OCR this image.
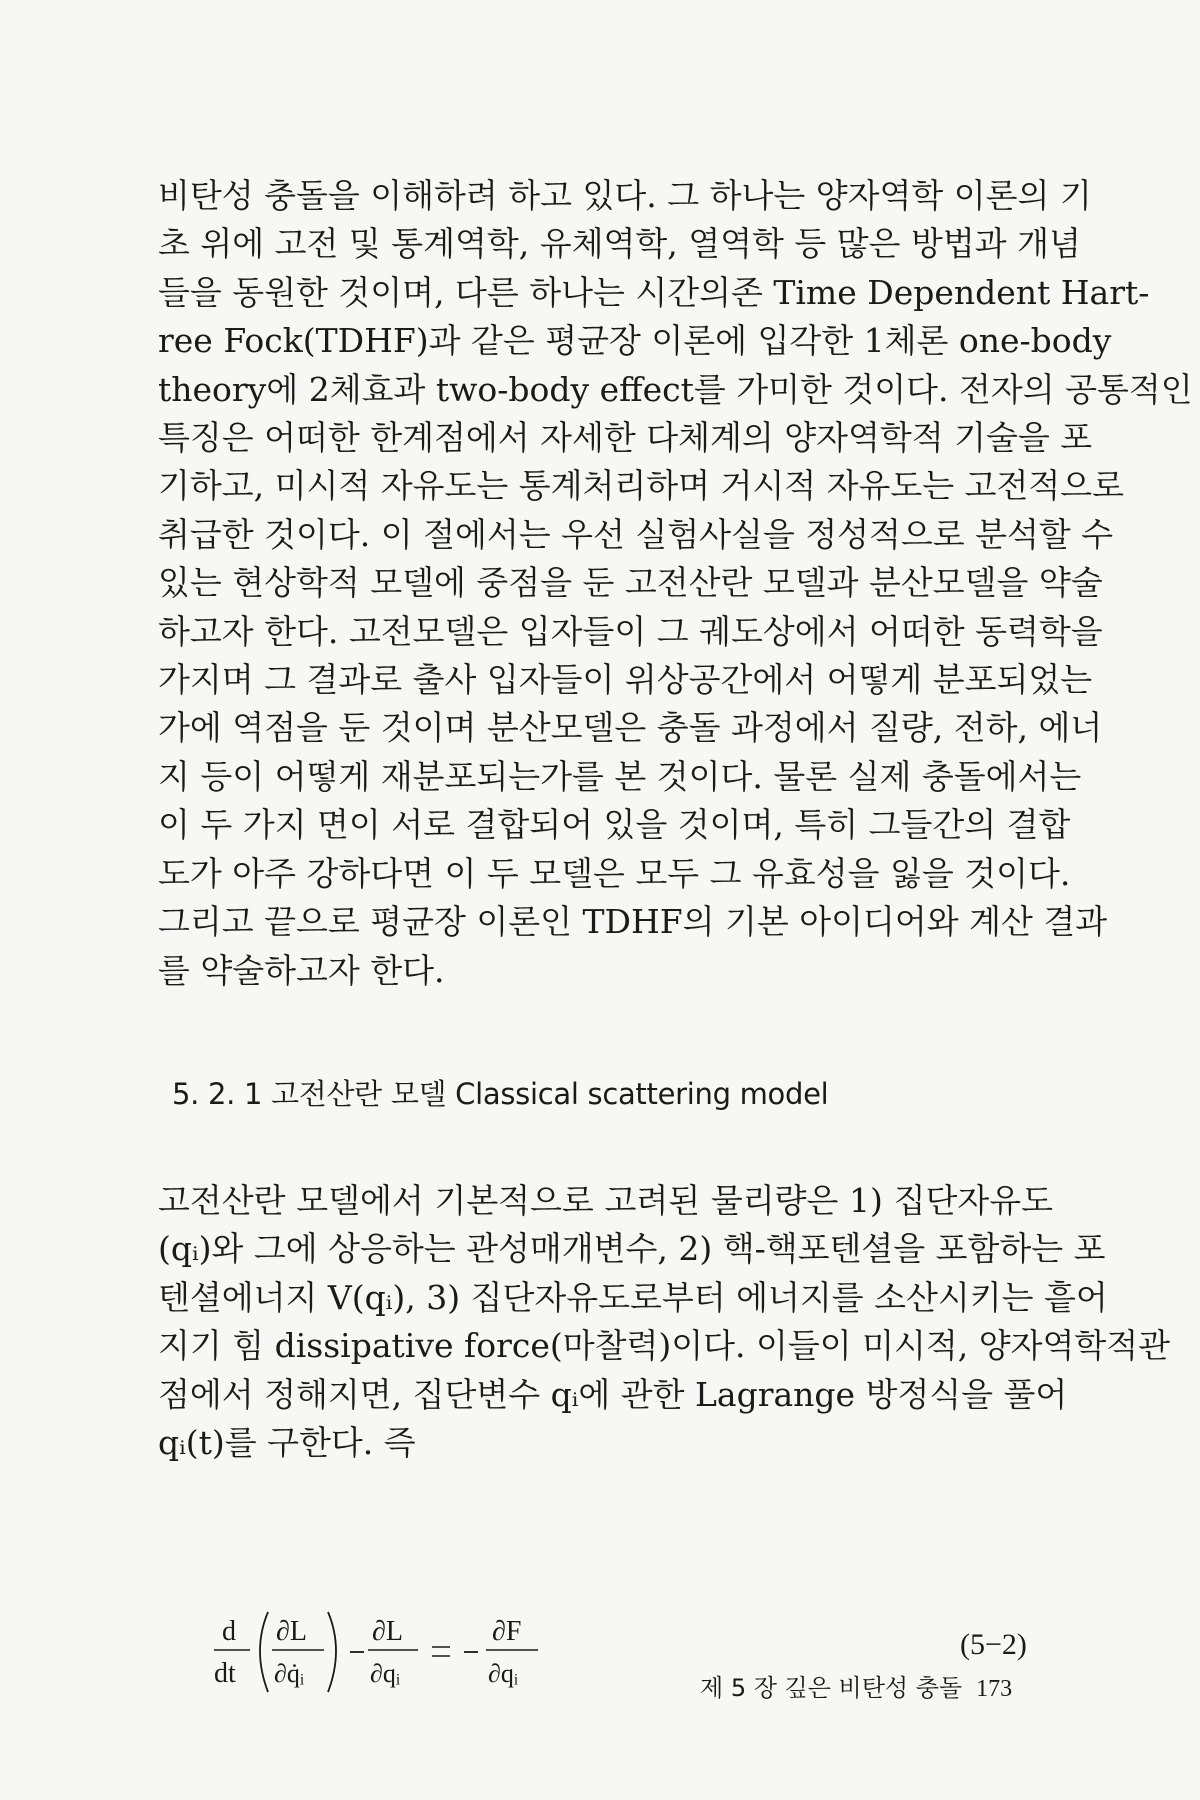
비탄성 충돌을 이해하려 하고 있다. 그 하나는 양자역학 이론의 기
초 위에 고전 및 통계역학, 유체역학, 열역학 등 많은 방법과 개념
들을 동원한 것이며, 다른 하나는 시간의존 Time Dependent Hart-
ree Fock(TDHF)과 같은 평균장 이론에 입각한 1체론 one-body
theory에 2체효과 two-body effect를 가미한 것이다. 전자의 공통적인
특징은 어떠한 한계점에서 자세한 다체계의 양자역학적 기술을 포
기하고, 미시적 자유도는 통계처리하며 거시적 자유도는 고전적으로
취급한 것이다. 이 절에서는 우선 실험사실을 정성적으로 분석할 수
있는 현상학적 모델에 중점을 둔 고전산란 모델과 분산모델을 약술
하고자 한다. 고전모델은 입자들이 그 궤도상에서 어떠한 동력학을
가지며 그 결과로 출사 입자들이 위상공간에서 어떻게 분포되었는
가에 역점을 둔 것이며 분산모델은 충돌 과정에서 질량, 전하, 에너
지 등이 어떻게 재분포되는가를 본 것이다. 물론 실제 충돌에서는
이 두 가지 면이 서로 결합되어 있을 것이며, 특히 그들간의 결합
도가 아주 강하다면 이 두 모델은 모두 그 유효성을 잃을 것이다.
그리고 끝으로 평균장 이론인 TDHF의 기본 아이디어와 계산 결과
를 약술하고자 한다.
5. 2. 1 고전산란 모델 Classical scattering model
고전산란 모델에서 기본적으로 고려된 물리량은 1) 집단자유도
(qᵢ)와 그에 상응하는 관성매개변수, 2) 핵-핵포텐셜을 포함하는 포
텐셜에너지 V(qᵢ), 3) 집단자유도로부터 에너지를 소산시키는 흩어
지기 힘 dissipative force(마찰력)이다. 이들이 미시적, 양자역학적관
점에서 정해지면, 집단변수 qᵢ에 관한 Lagrange 방정식을 풀어
qᵢ(t)를 구한다. 즉
d
dt
∂L
∂q̇ᵢ
∂L
∂qᵢ
∂F
∂qᵢ
(5−2)
제 5 장 깊은 비탄성 충돌 173
